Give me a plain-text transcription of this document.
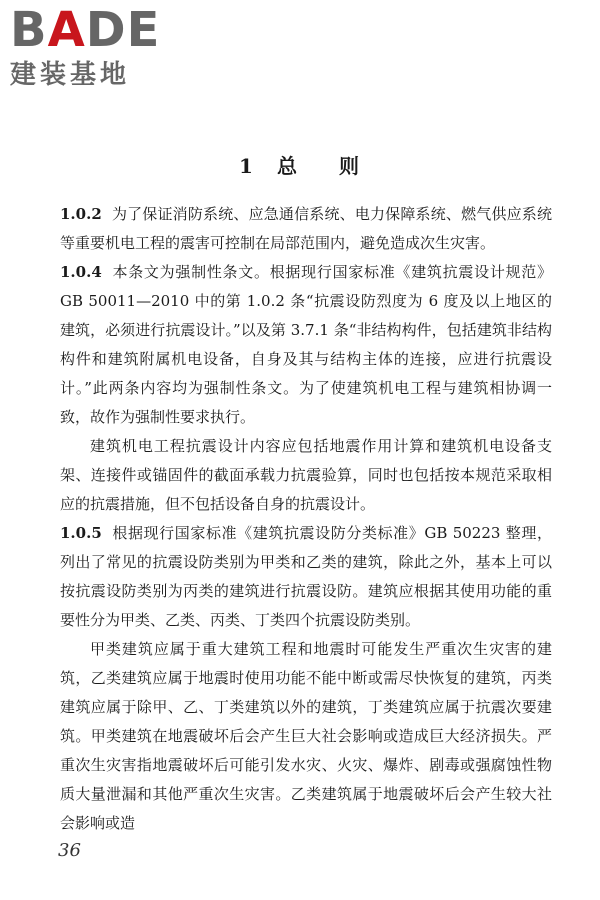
BADE
建装基地
1 总 则

1.0.2 为了保证消防系统、应急通信系统、电力保障系统、燃气供应系统等重要机电工程的震害可控制在局部范围内，避免造成次生灾害。

1.0.4 本条文为强制性条文。根据现行国家标准《建筑抗震设计规范》GB 50011—2010 中的第 1.0.2 条“抗震设防烈度为 6 度及以上地区的建筑，必须进行抗震设计。”以及第 3.7.1 条“非结构构件，包括建筑非结构构件和建筑附属机电设备，自身及其与结构主体的连接，应进行抗震设计。”此两条内容均为强制性条文。为了使建筑机电工程与建筑相协调一致，故作为强制性要求执行。

建筑机电工程抗震设计内容应包括地震作用计算和建筑机电设备支架、连接件或锚固件的截面承载力抗震验算，同时也包括按本规范采取相应的抗震措施，但不包括设备自身的抗震设计。

1.0.5 根据现行国家标准《建筑抗震设防分类标准》GB 50223 整理，列出了常见的抗震设防类别为甲类和乙类的建筑，除此之外，基本上可以按抗震设防类别为丙类的建筑进行抗震设防。建筑应根据其使用功能的重要性分为甲类、乙类、丙类、丁类四个抗震设防类别。

甲类建筑应属于重大建筑工程和地震时可能发生严重次生灾害的建筑，乙类建筑应属于地震时使用功能不能中断或需尽快恢复的建筑，丙类建筑应属于除甲、乙、丁类建筑以外的建筑，丁类建筑应属于抗震次要建筑。甲类建筑在地震破坏后会产生巨大社会影响或造成巨大经济损失。严重次生灾害指地震破坏后可能引发水灾、火灾、爆炸、剧毒或强腐蚀性物质大量泄漏和其他严重次生灾害。乙类建筑属于地震破坏后会产生较大社会影响或造

36
